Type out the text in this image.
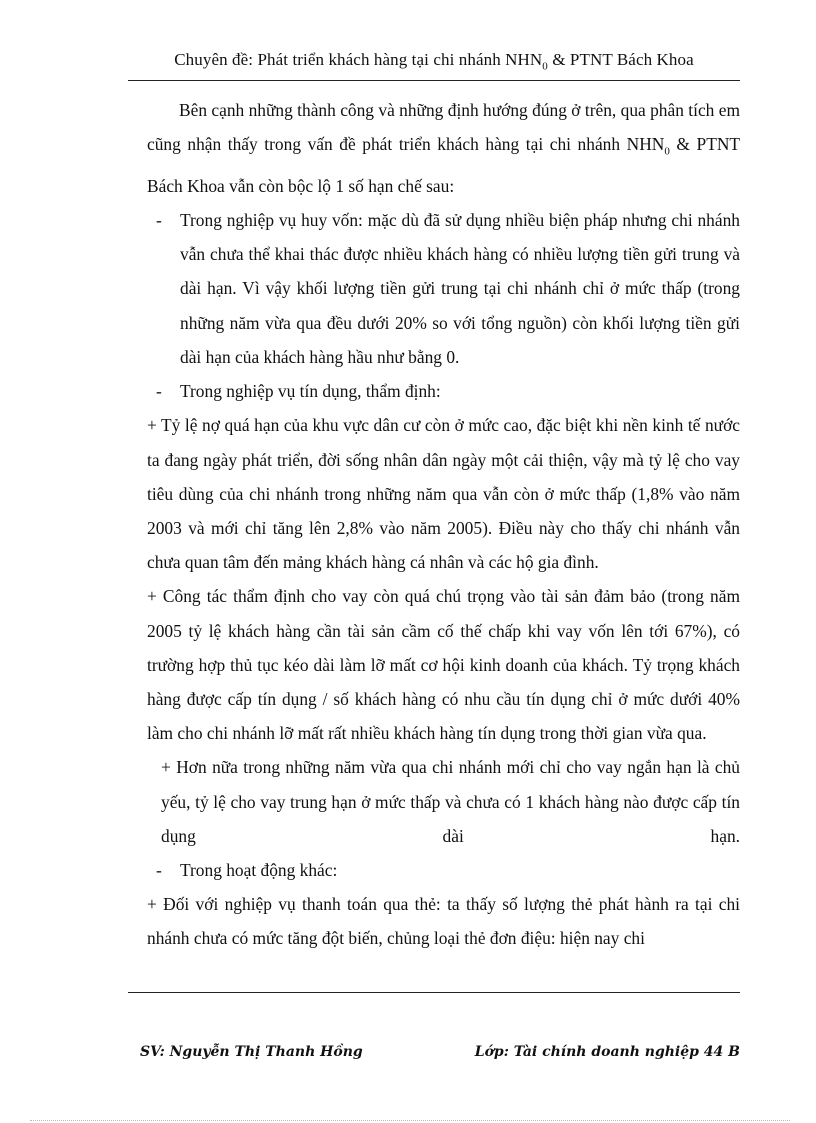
Chuyên đề: Phát triển khách hàng tại chi nhánh $NHN_0$ & PTNT Bách Khoa

Bên cạnh những thành công và những định hướng đúng ở trên, qua phân tích em cũng nhận thấy trong vấn đề phát triển khách hàng tại chi nhánh $NHN_0$ & PTNT Bách Khoa vẫn còn bộc lộ 1 số hạn chế sau:

-	Trong nghiệp vụ huy vốn: mặc dù đã sử dụng nhiều biện pháp nhưng chi nhánh vẫn chưa thể khai thác được nhiều khách hàng có nhiều lượng tiền gửi trung và dài hạn. Vì vậy khối lượng tiền gửi trung tại chi nhánh chỉ ở mức thấp (trong những năm vừa qua đều dưới 20% so với tổng nguồn) còn khối lượng tiền gửi dài hạn của khách hàng hầu như bằng 0.
-	Trong nghiệp vụ tín dụng, thẩm định:

+ Tỷ lệ nợ quá hạn của khu vực dân cư còn ở mức cao, đặc biệt khi nền kinh tế nước ta đang ngày phát triển, đời sống nhân dân ngày một cải thiện, vậy mà tỷ lệ cho vay tiêu dùng của chi nhánh trong những năm qua vẫn còn ở mức thấp (1,8% vào năm 2003 và mới chỉ tăng lên 2,8% vào năm 2005). Điều này cho thấy chi nhánh vẫn chưa quan tâm đến mảng khách hàng cá nhân và các hộ gia đình.

+ Công tác thẩm định cho vay còn quá chú trọng vào tài sản đảm bảo (trong năm 2005 tỷ lệ khách hàng cần tài sản cầm cố thế chấp khi vay vốn lên tới 67%), có trường hợp thủ tục kéo dài làm lỡ mất cơ hội kinh doanh của khách. Tỷ trọng khách hàng được cấp tín dụng / số khách hàng có nhu cầu tín dụng chỉ ở mức dưới 40% làm cho chi nhánh lỡ mất rất nhiều khách hàng tín dụng trong thời gian vừa qua.

+ Hơn nữa trong những năm vừa qua chi nhánh mới chỉ cho vay ngắn hạn là chủ yếu, tỷ lệ cho vay trung hạn ở mức thấp và chưa có 1 khách hàng nào được cấp tín dụng dài hạn.

-	Trong hoạt động khác:

+ Đối với nghiệp vụ thanh toán qua thẻ: ta thấy số lượng thẻ phát hành ra tại chi nhánh chưa có mức tăng đột biến, chủng loại thẻ đơn điệu: hiện nay chi

SV: Nguyễn Thị Thanh Hồng	Lớp: Tài chính doanh nghiệp 44 B
